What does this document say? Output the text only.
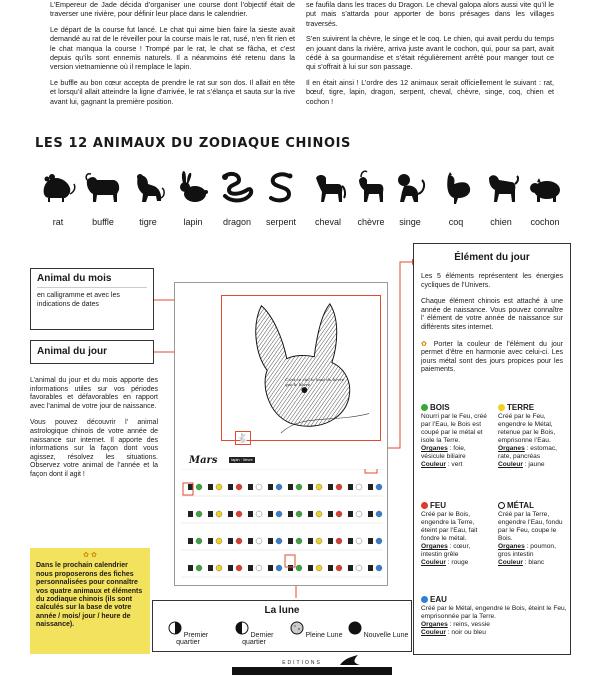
L’Empereur de Jade décida d’organiser une course dont l’objectif était de traverser une rivière, pour définir leur place dans le calendrier.

Le départ de la course fut lancé. Le chat qui aime bien faire la sieste avait demandé au rat de le réveiller pour la course mais le rat, rusé, n’en fit rien et le chat manqua la course ! Trompé par le rat, le chat se fâcha, et c’est depuis qu’ils sont ennemis naturels. Il a néanmoins été retenu dans la version vietnamienne où il remplace le lapin.

Le buffle au bon cœur accepta de prendre le rat sur son dos. Il allait en tête et lorsqu’il allait atteindre la ligne d’arrivée, le rat s’élança et sauta sur la rive avant lui, gagnant la première position.

se faufila dans les traces du Dragon. Le cheval galopa alors aussi vite qu’il le put mais s’attarda pour apporter de bons présages dans les villages traversés.

S’en suivirent la chèvre, le singe et le coq. Le chien, qui avait perdu du temps en jouant dans la rivière, arriva juste avant le cochon, qui, pour sa part, avait cédé à sa gourmandise et s’était régulièrement arrêté pour manger tout ce qui s’offrait à lui sur son passage.

Il en était ainsi ! L’ordre des 12 animaux serait officiellement le suivant : rat, bœuf, tigre, lapin, dragon, serpent, cheval, chèvre, singe, coq, chien et cochon !

LES 12 ANIMAUX DU ZODIAQUE CHINOIS
rat	buffle	tigre	lapin	dragon	serpent	cheval	chèvre	singe	coq	chien	cochon
Animal du mois

en calligramme et avec les indications de dates

Animal du jour

L’animal du jour et du mois apporte des informations utiles sur vos périodes favorables et défavorables en rapport avec l’animal de votre jour de naissance.

Vous pouvez découvrir l’ animal astrologique chinois de votre année de naissance sur internet. Il apporte des informations sur la façon dont vous agissez, résolvez les situations. Observez votre animal de l’année et la façon dont il agit !

✿ ✿
Dans le prochain calendrier nous proposerons des fiches personnalisées pour connaître vos quatre animaux et éléments du zodiaque chinois (ils sont calculés sur la base de votre année / mois/ jour / heure de naissance).
C’est ce ciel le haut du lièvre que le lièvre
🐇
Mars	lapin · lièvre
La lune
Premier quartier
Dernier quartier
Pleine Lune	Nouvelle Lune
Élément du jour

Les 5 éléments représentent les énergies cycliques de l’Univers.

Chaque élément chinois est attaché à une année de naissance. Vous pouvez connaître l’ élément de votre année de naissance sur différents sites internet.

✿ Porter la couleur de l’élément du jour permet d’être en harmonie avec celui-ci. Les jours métal sont des jours propices pour les paiements.

BOIS
Nourri par le Feu, créé par l’Eau, le Bois est coupé par le métal et isole la Terre.
Organes : foie, vésicule biliaire
Couleur : vert
TERRE
Créé par le Feu, engendre le Métal, retenue par le Bois, emprisonne l’Eau.
Organes : estomac, rate, pancréas
Couleur : jaune
FEU
Créé par le Bois, engendre la Terre, éteint par l’Eau, fait fondre le métal.
Organes : cœur, intestin grêle
Couleur : rouge
MÉTAL
Créé par la Terre, engendre l’Eau, fondu par le Feu, coupe le Bois.
Organes : poumon, gros intestin
Couleur : blanc
EAU
Créé par le Métal, engendre le Bois, éteint le Feu, emprisonnée par la Terre.
Organes : reins, vessie
Couleur : noir ou bleu
EDITIONS
